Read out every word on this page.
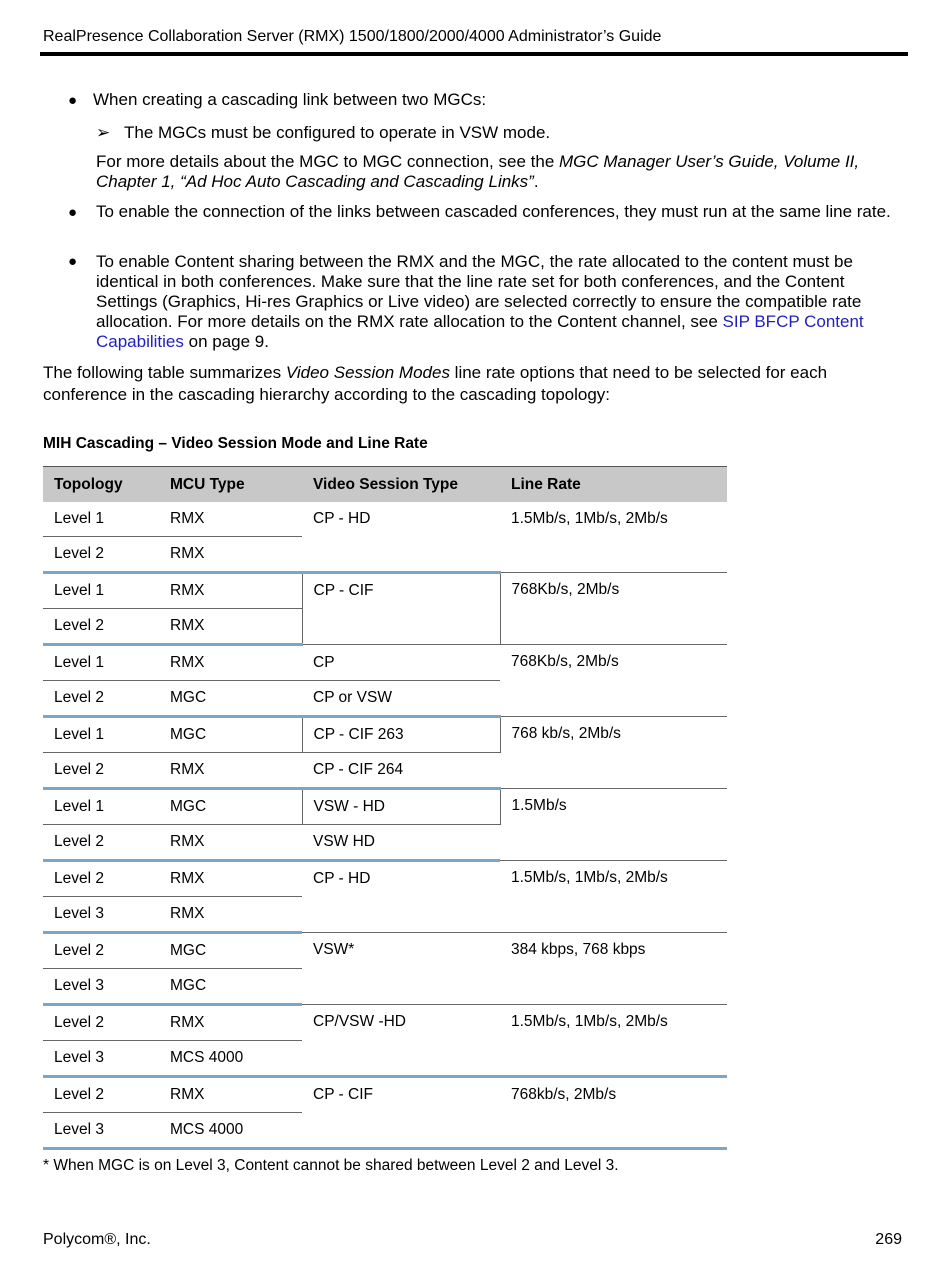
RealPresence Collaboration Server (RMX) 1500/1800/2000/4000 Administrator’s Guide
● When creating a cascading link between two MGCs:
➢ The MGCs must be configured to operate in VSW mode.
For more details about the MGC to MGC connection, see the MGC Manager User’s Guide, Volume II, Chapter 1, “Ad Hoc Auto Cascading and Cascading Links”.
● To enable the connection of the links between cascaded conferences, they must run at the same line rate.
● To enable Content sharing between the RMX and the MGC, the rate allocated to the content must be identical in both conferences. Make sure that the line rate set for both conferences, and the Content Settings (Graphics, Hi-res Graphics or Live video) are selected correctly to ensure the compatible rate allocation. For more details on the RMX rate allocation to the Content channel, see SIP BFCP Content Capabilities on page 9.
The following table summarizes Video Session Modes line rate options that need to be selected for each conference in the cascading hierarchy according to the cascading topology:
MIH Cascading – Video Session Mode and Line Rate
Topology	MCU Type	Video Session Type	Line Rate
Level 1	RMX	CP - HD	1.5Mb/s, 1Mb/s, 2Mb/s
Level 2	RMX		
Level 1	RMX	CP - CIF	768Kb/s, 2Mb/s
Level 2	RMX		
Level 1	RMX	CP	768Kb/s, 2Mb/s
Level 2	MGC	CP or VSW	
Level 1	MGC	CP - CIF 263	768 kb/s, 2Mb/s
Level 2	RMX	CP - CIF 264	
Level 1	MGC	VSW - HD	1.5Mb/s
Level 2	RMX	VSW HD	
Level 2	RMX	CP - HD	1.5Mb/s, 1Mb/s, 2Mb/s
Level 3	RMX		
Level 2	MGC	VSW*	384 kbps, 768 kbps
Level 3	MGC		
Level 2	RMX	CP/VSW -HD	1.5Mb/s, 1Mb/s, 2Mb/s
Level 3	MCS 4000		
Level 2	RMX	CP - CIF	768kb/s, 2Mb/s
Level 3	MCS 4000		
* When MGC is on Level 3, Content cannot be shared between Level 2 and Level 3.
Polycom®, Inc.	269
